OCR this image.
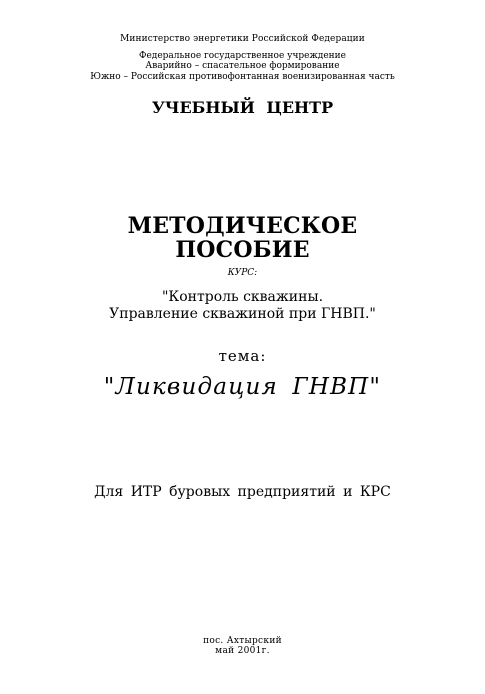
Министерство энергетики Российской Федерации
Федеральное государственное учреждение
Аварийно – спасательное формирование
Южно – Российская противофонтанная военизированная часть
УЧЕБНЫЙ ЦЕНТР
МЕТОДИЧЕСКОЕ
ПОСОБИЕ
КУРС:
"Контроль скважины.
Управление скважиной при ГНВП."
тема:
"Ликвидация ГНВП"
Для ИТР буровых предприятий и КРС
пос. Ахтырский
май 2001г.
